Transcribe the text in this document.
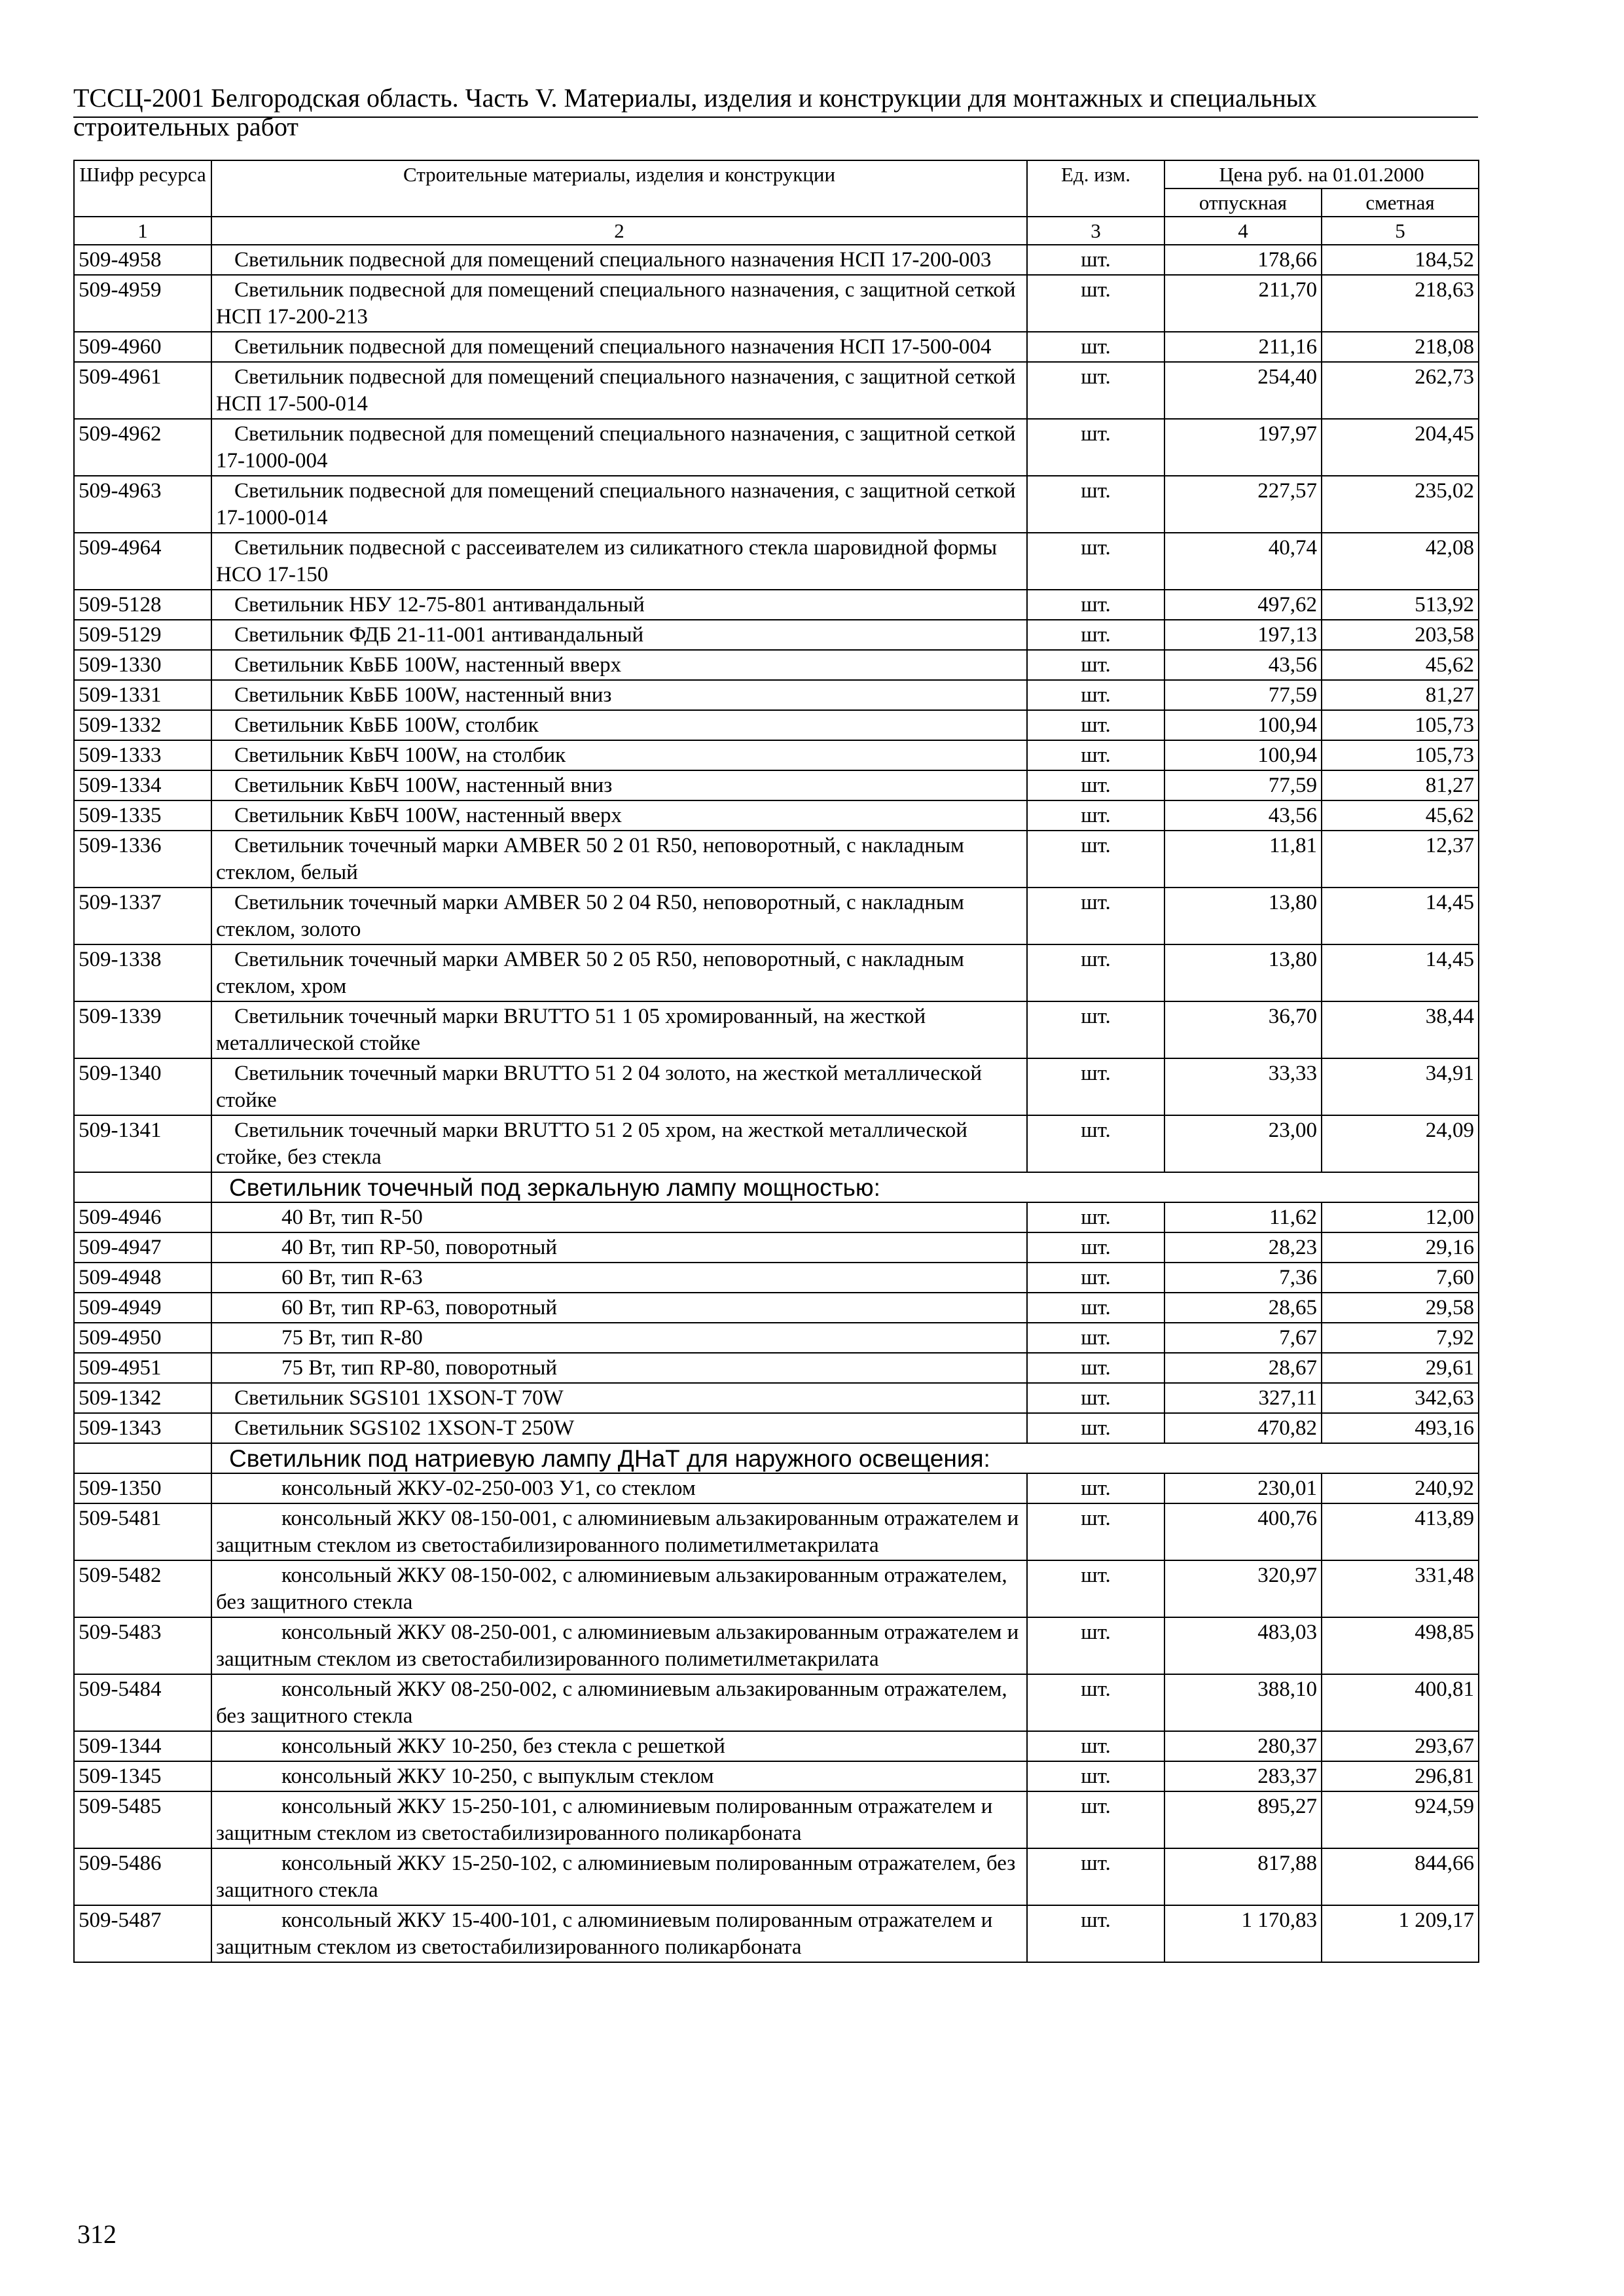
ТССЦ-2001 Белгородская область. Часть V. Материалы, изделия и конструкции для монтажных и специальных
строительных работ
Шифр ресурса	Строительные материалы, изделия и конструкции	Ед. изм.	Цена руб. на 01.01.2000	
			отпускная	сметная
1	2	3	4	5
509-4958	Светильник подвесной для помещений специального назначения НСП 17-200-003	шт.	178,66	184,52
509-4959	Светильник подвесной для помещений специального назначения, с защитной сеткой НСП 17-200-213	шт.	211,70	218,63
509-4960	Светильник подвесной для помещений специального назначения НСП 17-500-004	шт.	211,16	218,08
509-4961	Светильник подвесной для помещений специального назначения, с защитной сеткой НСП 17-500-014	шт.	254,40	262,73
509-4962	Светильник подвесной для помещений специального назначения, с защитной сеткой 17-1000-004	шт.	197,97	204,45
509-4963	Светильник подвесной для помещений специального назначения, с защитной сеткой 17-1000-014	шт.	227,57	235,02
509-4964	Светильник подвесной с рассеивателем из силикатного стекла шаровидной формы НСО 17-150	шт.	40,74	42,08
509-5128	Светильник НБУ 12-75-801 антивандальный	шт.	497,62	513,92
509-5129	Светильник ФДБ 21-11-001 антивандальный	шт.	197,13	203,58
509-1330	Светильник КвББ 100W, настенный вверх	шт.	43,56	45,62
509-1331	Светильник КвББ 100W, настенный вниз	шт.	77,59	81,27
509-1332	Светильник КвББ 100W, столбик	шт.	100,94	105,73
509-1333	Светильник КвБЧ 100W, на столбик	шт.	100,94	105,73
509-1334	Светильник КвБЧ 100W, настенный вниз	шт.	77,59	81,27
509-1335	Светильник КвБЧ 100W, настенный вверх	шт.	43,56	45,62
509-1336	Светильник точечный марки AMBER 50 2 01 R50, неповоротный, с накладным стеклом, белый	шт.	11,81	12,37
509-1337	Светильник точечный марки AMBER 50 2 04 R50, неповоротный, с накладным стеклом, золото	шт.	13,80	14,45
509-1338	Светильник точечный марки AMBER 50 2 05 R50, неповоротный, с накладным стеклом, хром	шт.	13,80	14,45
509-1339	Светильник точечный марки BRUTTO 51 1 05 хромированный, на жесткой металлической стойке	шт.	36,70	38,44
509-1340	Светильник точечный марки BRUTTO 51 2 04 золото, на жесткой металлической стойке	шт.	33,33	34,91
509-1341	Светильник точечный марки BRUTTO 51 2 05 хром, на жесткой металлической стойке, без стекла	шт.	23,00	24,09
	Светильник точечный под зеркальную лампу мощностью:			
509-4946	40 Вт, тип R-50	шт.	11,62	12,00
509-4947	40 Вт, тип RP-50, поворотный	шт.	28,23	29,16
509-4948	60 Вт, тип R-63	шт.	7,36	7,60
509-4949	60 Вт, тип RP-63, поворотный	шт.	28,65	29,58
509-4950	75 Вт, тип R-80	шт.	7,67	7,92
509-4951	75 Вт, тип RP-80, поворотный	шт.	28,67	29,61
509-1342	Светильник SGS101 1XSON-T 70W	шт.	327,11	342,63
509-1343	Светильник SGS102 1XSON-T 250W	шт.	470,82	493,16
	Светильник под натриевую лампу ДНаТ для наружного освещения:			
509-1350	консольный ЖКУ-02-250-003 У1, со стеклом	шт.	230,01	240,92
509-5481	консольный ЖКУ 08-150-001, с алюминиевым альзакированным отражателем и защитным стеклом из светостабилизированного полиметилметакрилата	шт.	400,76	413,89
509-5482	консольный ЖКУ 08-150-002, с алюминиевым альзакированным отражателем, без защитного стекла	шт.	320,97	331,48
509-5483	консольный ЖКУ 08-250-001, с алюминиевым альзакированным отражателем и защитным стеклом из светостабилизированного полиметилметакрилата	шт.	483,03	498,85
509-5484	консольный ЖКУ 08-250-002, с алюминиевым альзакированным отражателем, без защитного стекла	шт.	388,10	400,81
509-1344	консольный ЖКУ 10-250, без стекла с решеткой	шт.	280,37	293,67
509-1345	консольный ЖКУ 10-250, с выпуклым стеклом	шт.	283,37	296,81
509-5485	консольный ЖКУ 15-250-101, с алюминиевым полированным отражателем и защитным стеклом из светостабилизированного поликарбоната	шт.	895,27	924,59
509-5486	консольный ЖКУ 15-250-102, с алюминиевым полированным отражателем, без защитного стекла	шт.	817,88	844,66
509-5487	консольный ЖКУ 15-400-101, с алюминиевым полированным отражателем и защитным стеклом из светостабилизированного поликарбоната	шт.	1 170,83	1 209,17
312
